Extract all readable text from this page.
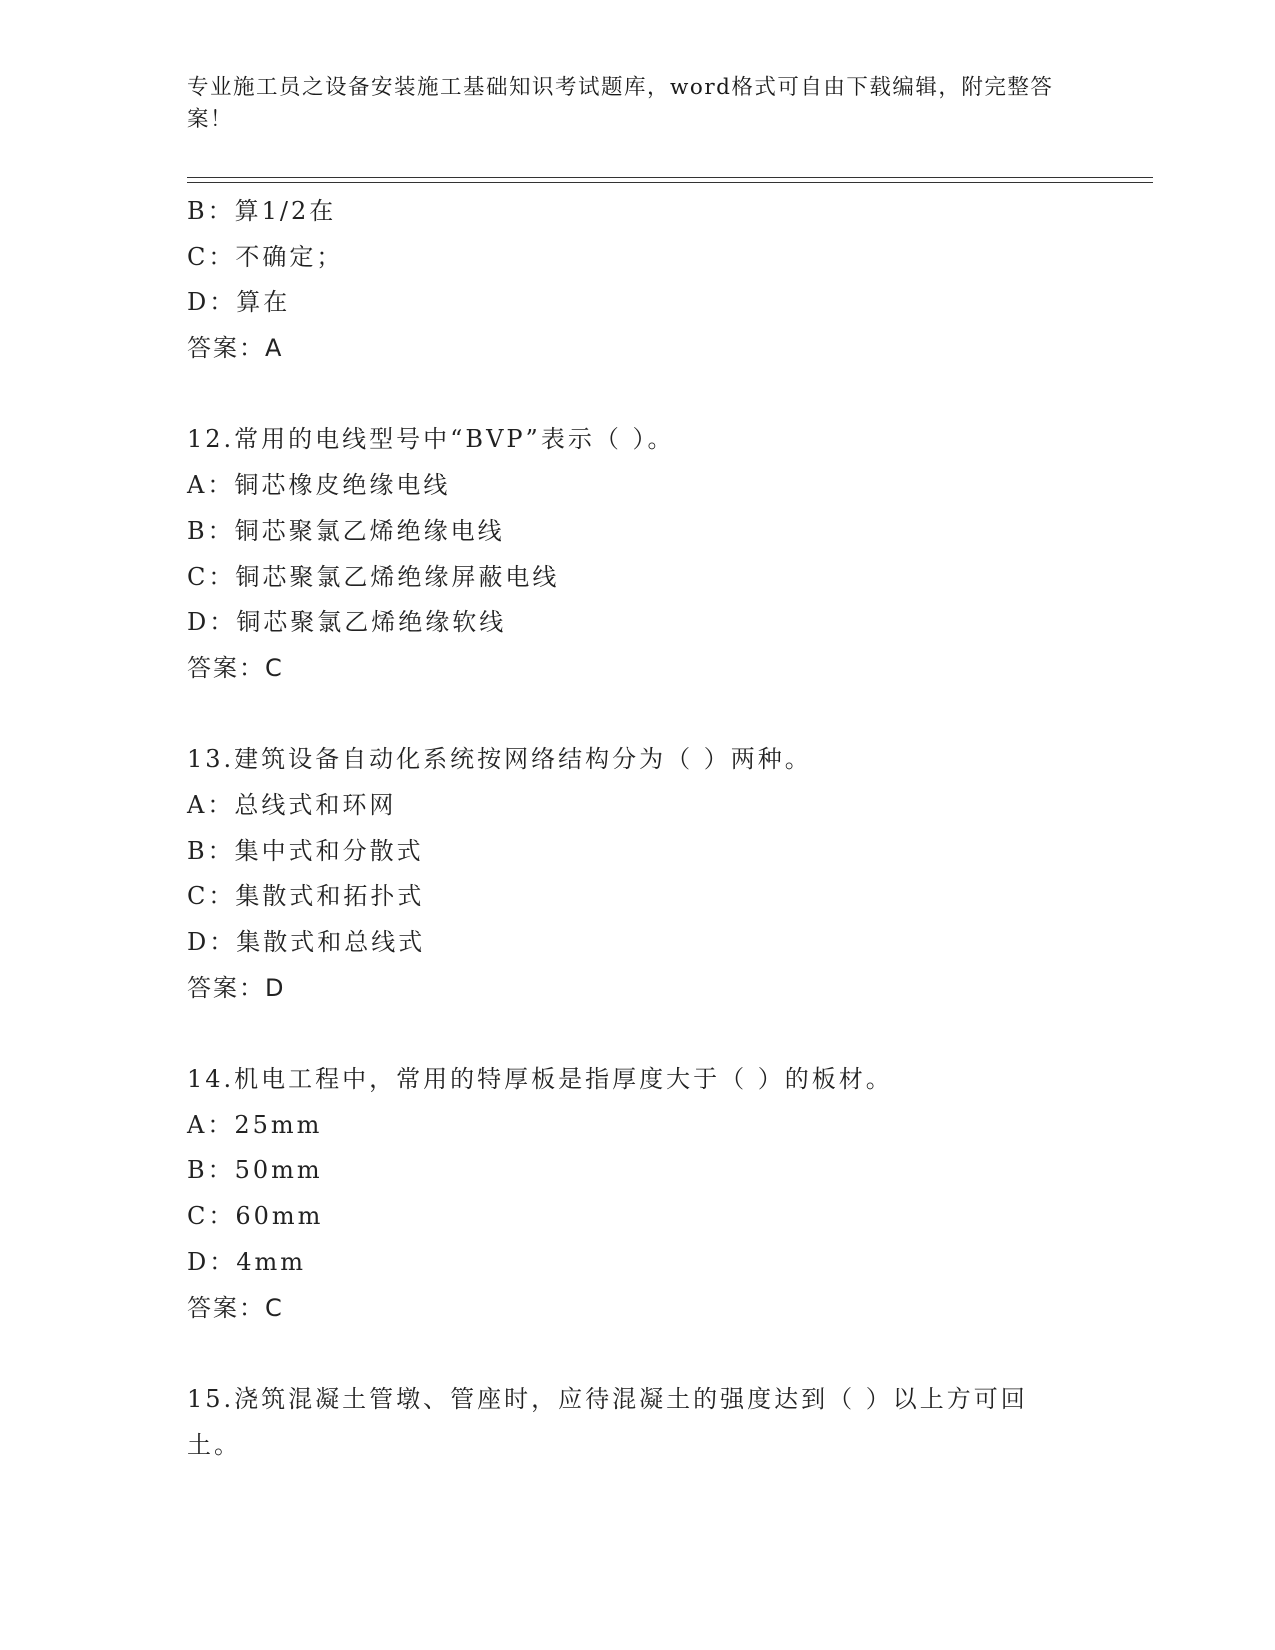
专业施工员之设备安装施工基础知识考试题库，word格式可自由下载编辑，附完整答案！
B：算1/2在
C：不确定；
D：算在
答案：A
12.常用的电线型号中“BVP”表示（ ）。
A：铜芯橡皮绝缘电线
B：铜芯聚氯乙烯绝缘电线
C：铜芯聚氯乙烯绝缘屏蔽电线
D：铜芯聚氯乙烯绝缘软线
答案：C
13.建筑设备自动化系统按网络结构分为（ ）两种。
A：总线式和环网
B：集中式和分散式
C：集散式和拓扑式
D：集散式和总线式
答案：D
14.机电工程中，常用的特厚板是指厚度大于（ ）的板材。
A：25mm
B：50mm
C：60mm
D：4mm
答案：C
15.浇筑混凝土管墩、管座时，应待混凝土的强度达到（ ）以上方可回土。
